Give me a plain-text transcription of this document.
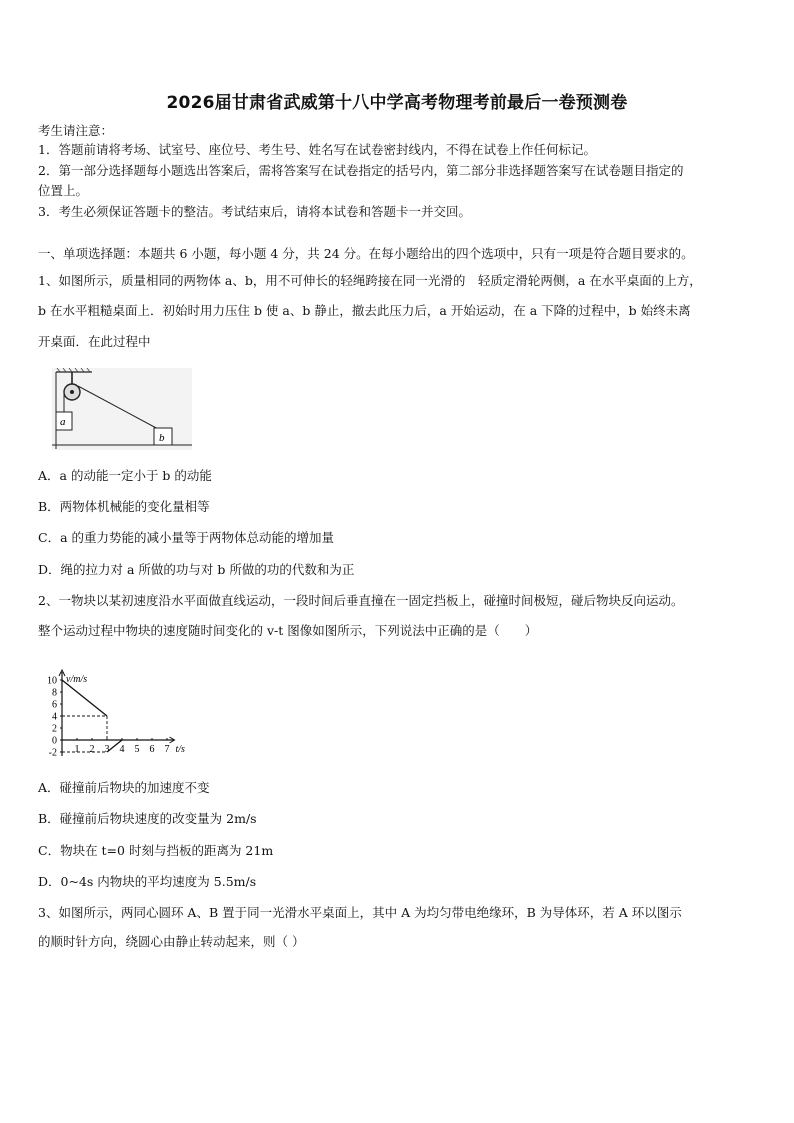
2026届甘肃省武威第十八中学高考物理考前最后一卷预测卷
考生请注意：
1．答题前请将考场、试室号、座位号、考生号、姓名写在试卷密封线内，不得在试卷上作任何标记。
2．第一部分选择题每小题选出答案后，需将答案写在试卷指定的括号内，第二部分非选择题答案写在试卷题目指定的
位置上。
3．考生必须保证答题卡的整洁。考试结束后，请将本试卷和答题卡一并交回。
一、单项选择题：本题共 6 小题，每小题 4 分，共 24 分。在每小题给出的四个选项中，只有一项是符合题目要求的。
1、如图所示，质量相同的两物体 a、b，用不可伸长的轻绳跨接在同一光滑的　轻质定滑轮两侧，a 在水平桌面的上方，
b 在水平粗糙桌面上．初始时用力压住 b 使 a、b 静止，撤去此压力后，a 开始运动，在 a 下降的过程中，b 始终未离
开桌面．在此过程中
a
b
A．a 的动能一定小于 b 的动能
B．两物体机械能的变化量相等
C．a 的重力势能的减小量等于两物体总动能的增加量
D．绳的拉力对 a 所做的功与对 b 所做的功的代数和为正
2、一物块以某初速度沿水平面做直线运动，一段时间后垂直撞在一固定挡板上，碰撞时间极短，碰后物块反向运动。
整个运动过程中物块的速度随时间变化的 v-t 图像如图所示，下列说法中正确的是（　　）
10
8
6
4
2
0
-2 1 2 3 4 5 6 7
v/m/s
t/s
A．碰撞前后物块的加速度不变
B．碰撞前后物块速度的改变量为 2m/s
C．物块在 t=0 时刻与挡板的距离为 21m
D．0~4s 内物块的平均速度为 5.5m/s
3、如图所示，两同心圆环 A、B 置于同一光滑水平桌面上，其中 A 为均匀带电绝缘环，B 为导体环，若 A 环以图示
的顺时针方向，绕圆心由静止转动起来，则（ ）
